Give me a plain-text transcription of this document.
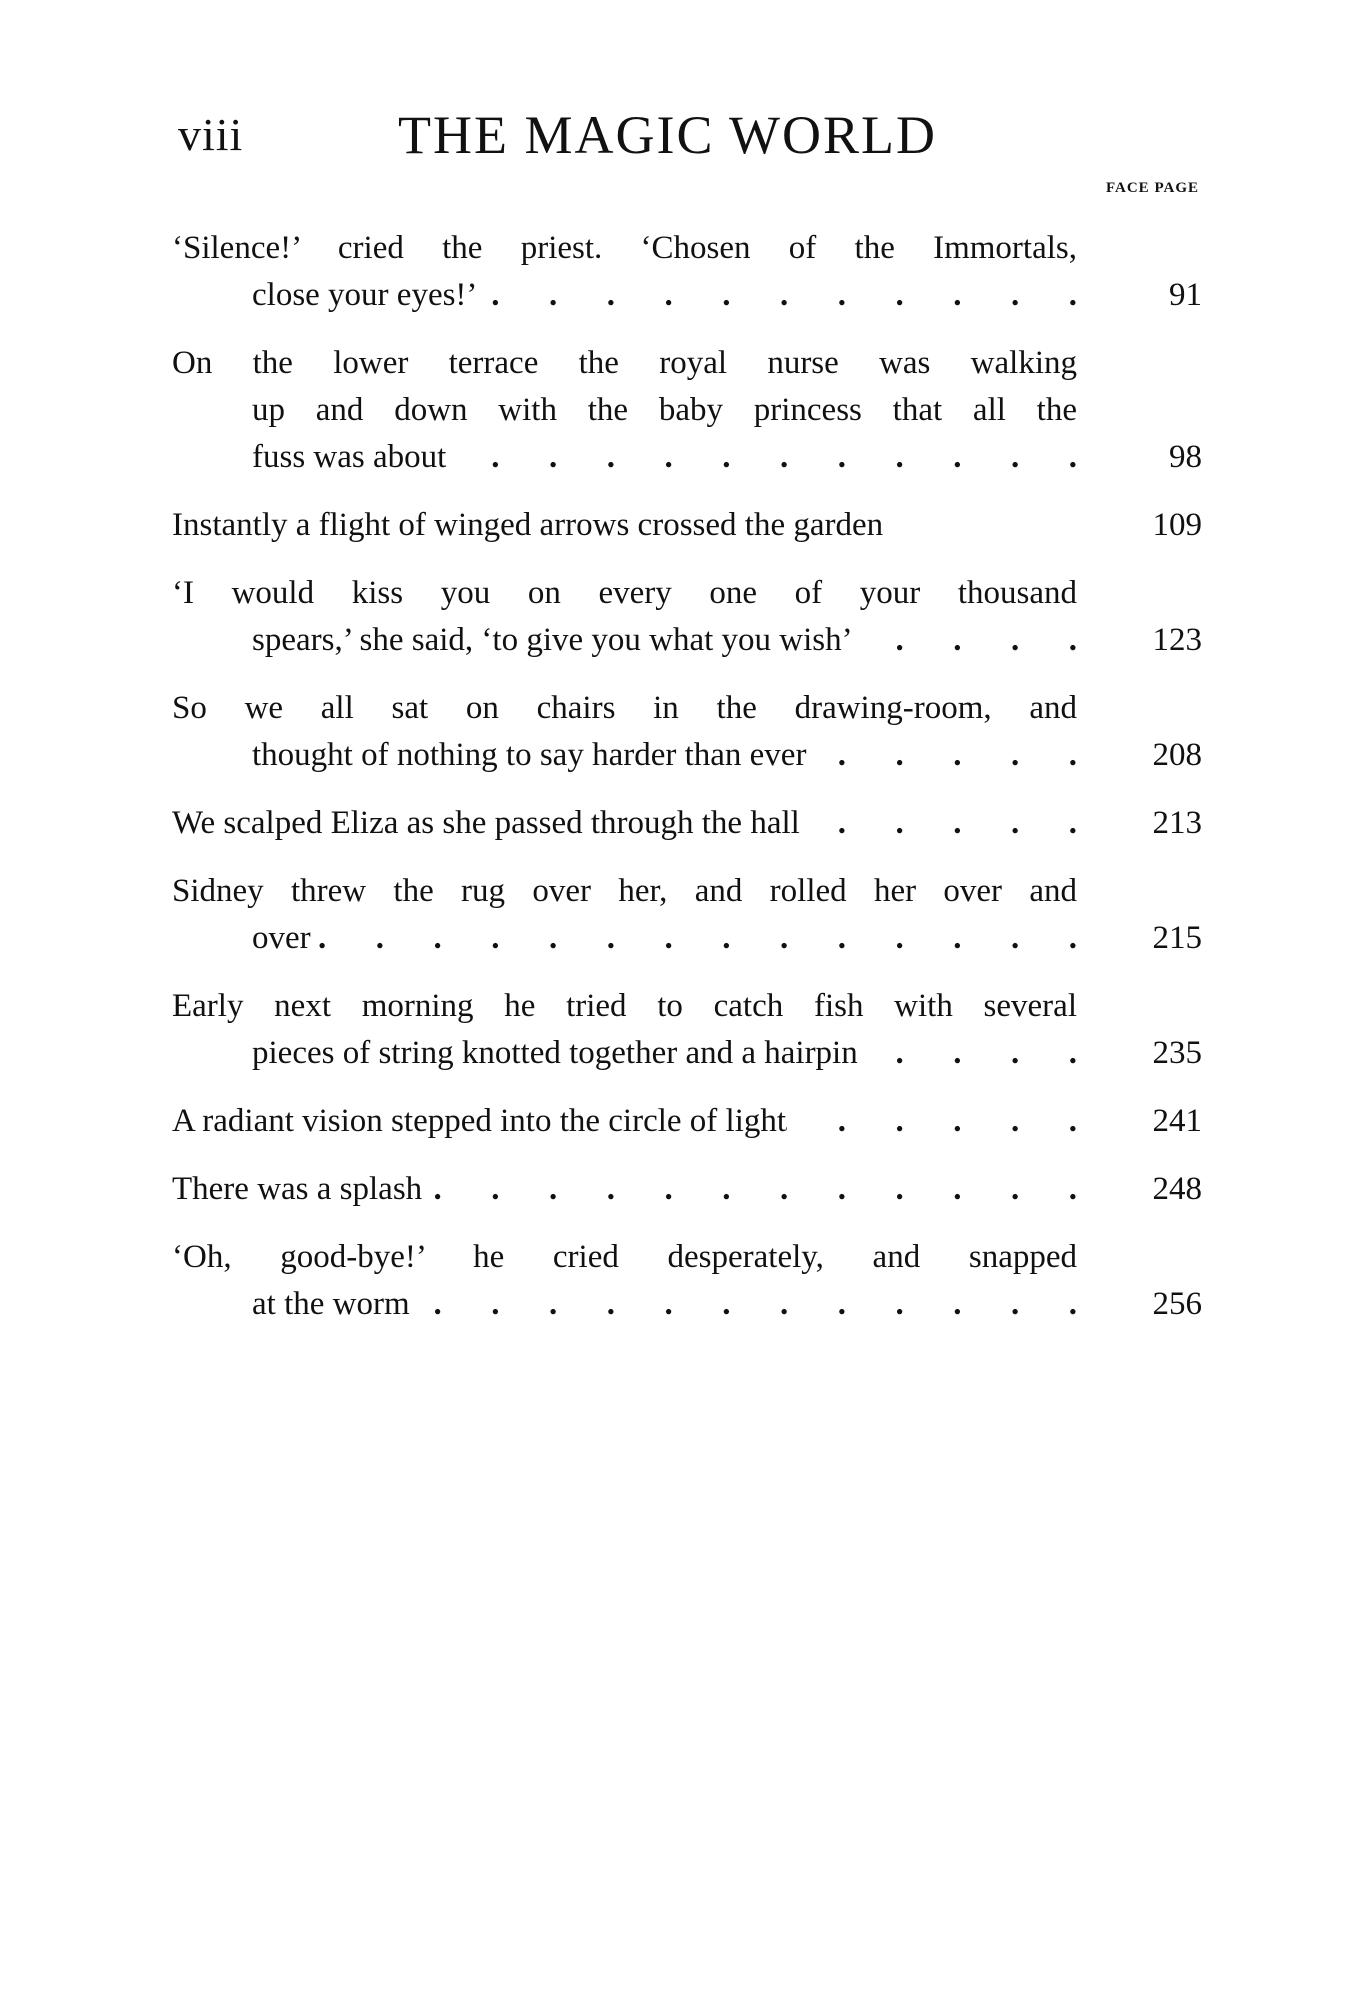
viii	THE MAGIC WORLD
FACE PAGE
‘Silence!’ cried the priest. ‘Chosen of the Immortals,
close your eyes!’ .	91
On the lower terrace the royal nurse was walking
up and down with the baby princess that all the
fuss was about .	98
Instantly a flight of winged arrows crossed the garden	109
‘I would kiss you on every one of your thousand
spears,’ she said, ‘to give you what you wish’ .	123
So we all sat on chairs in the drawing-room, and
thought of nothing to say harder than ever .	208
We scalped Eliza as she passed through the hall .	213
Sidney threw the rug over her, and rolled her over and
over .	215
Early next morning he tried to catch fish with several
pieces of string knotted together and a hairpin .	235
A radiant vision stepped into the circle of light .	241
There was a splash .	248
‘Oh, good-bye!’ he cried desperately, and snapped
at the worm .	256
